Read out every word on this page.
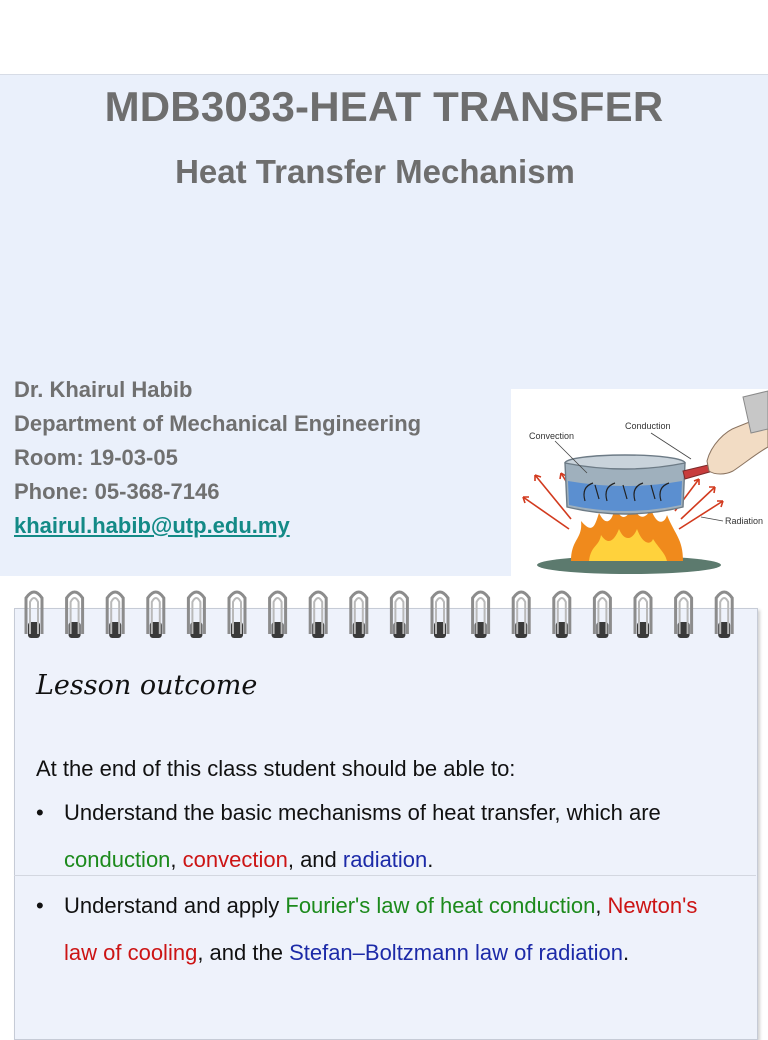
MDB3033-HEAT TRANSFER
Heat Transfer Mechanism
Dr. Khairul Habib
Department of Mechanical Engineering
Room: 19-03-05
Phone: 05-368-7146
khairul.habib@utp.edu.my
Convection
Conduction
Radiation
Lesson outcome
At the end of this class student should be able to:
• Understand the basic mechanisms of heat transfer, which are conduction, convection, and radiation.
• Understand and apply Fourier's law of heat conduction, Newton's law of cooling, and the Stefan–Boltzmann law of radiation.
